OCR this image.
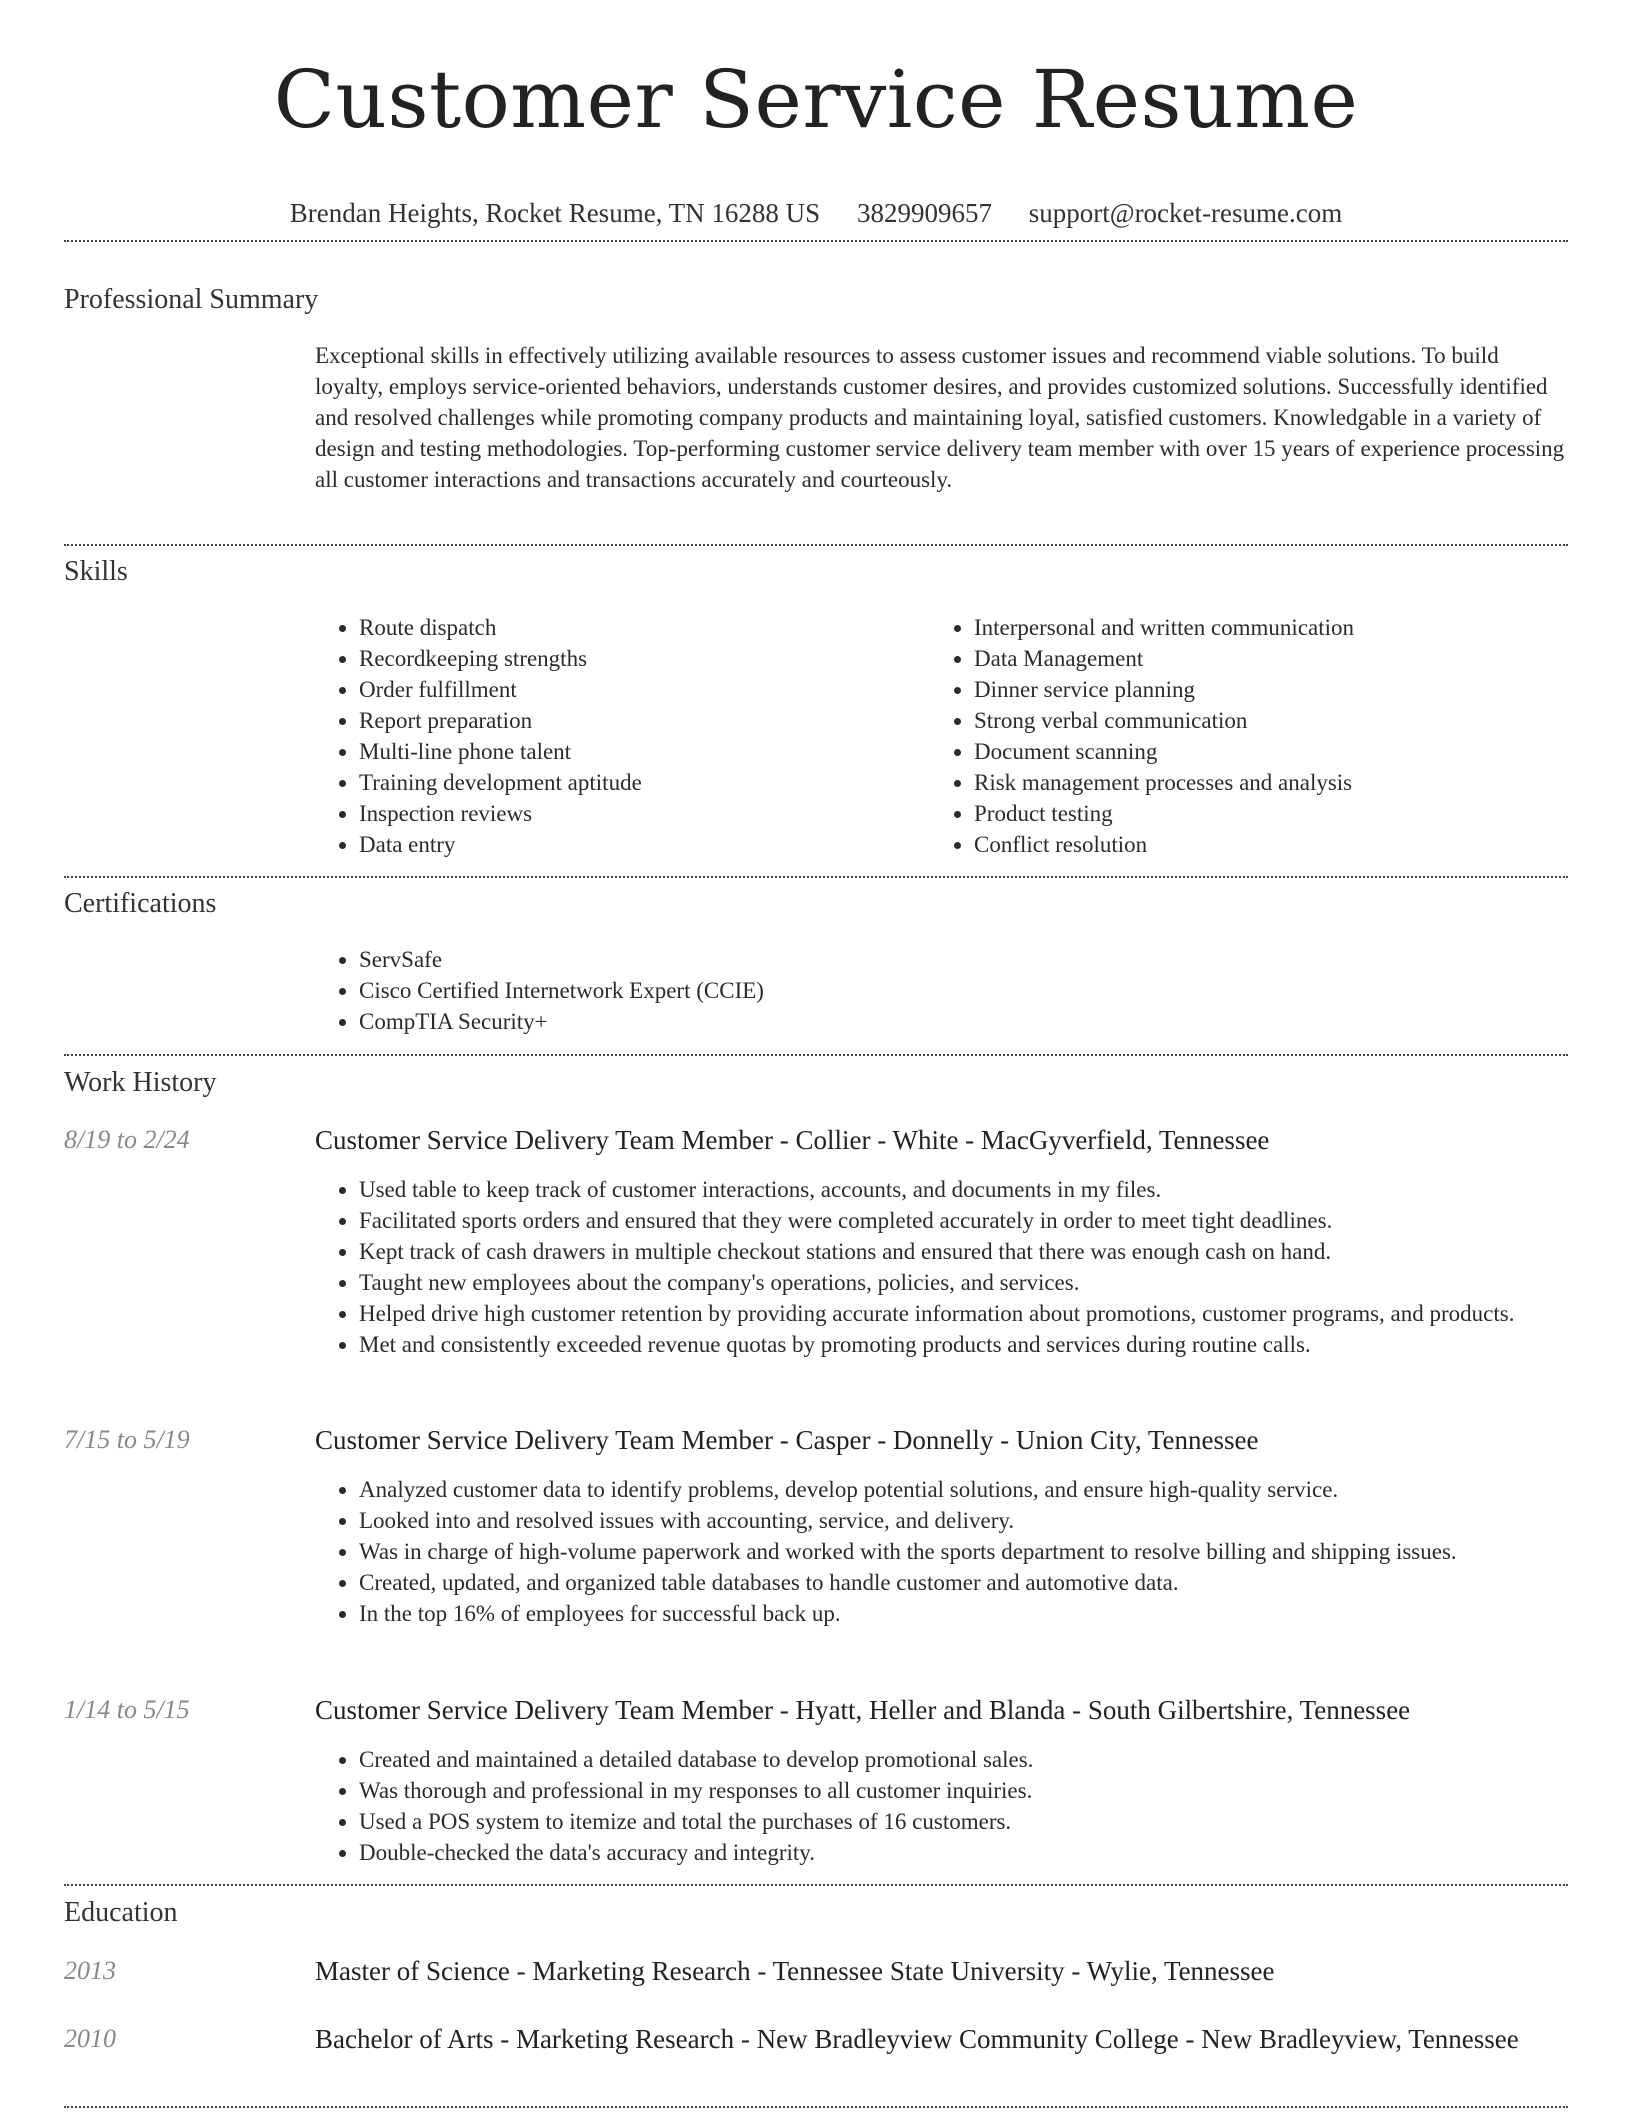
Customer Service Resume
Brendan Heights, Rocket Resume, TN 16288 US 3829909657 support@rocket-resume.com
Professional Summary

Exceptional skills in effectively utilizing available resources to assess customer issues and recommend viable solutions. To build loyalty, employs service-oriented behaviors, understands customer desires, and provides customized solutions. Successfully identified and resolved challenges while promoting company products and maintaining loyal, satisfied customers. Knowledgable in a variety of design and testing methodologies. Top-performing customer service delivery team member with over 15 years of experience processing all customer interactions and transactions accurately and courteously.

Skills
• Route dispatch
• Recordkeeping strengths
• Order fulfillment
• Report preparation
• Multi-line phone talent
• Training development aptitude
• Inspection reviews
• Data entry
• Interpersonal and written communication
• Data Management
• Dinner service planning
• Strong verbal communication
• Document scanning
• Risk management processes and analysis
• Product testing
• Conflict resolution
Certifications
• ServSafe
• Cisco Certified Internetwork Expert (CCIE)
• CompTIA Security+
Work History
8/19 to 2/24	Customer Service Delivery Team Member - Collier - White - MacGyverfield, Tennessee
• Used table to keep track of customer interactions, accounts, and documents in my files.
• Facilitated sports orders and ensured that they were completed accurately in order to meet tight deadlines.
• Kept track of cash drawers in multiple checkout stations and ensured that there was enough cash on hand.
• Taught new employees about the company's operations, policies, and services.
• Helped drive high customer retention by providing accurate information about promotions, customer programs, and products.
• Met and consistently exceeded revenue quotas by promoting products and services during routine calls.
7/15 to 5/19	Customer Service Delivery Team Member - Casper - Donnelly - Union City, Tennessee
• Analyzed customer data to identify problems, develop potential solutions, and ensure high-quality service.
• Looked into and resolved issues with accounting, service, and delivery.
• Was in charge of high-volume paperwork and worked with the sports department to resolve billing and shipping issues.
• Created, updated, and organized table databases to handle customer and automotive data.
• In the top 16% of employees for successful back up.
1/14 to 5/15	Customer Service Delivery Team Member - Hyatt, Heller and Blanda - South Gilbertshire, Tennessee
• Created and maintained a detailed database to develop promotional sales.
• Was thorough and professional in my responses to all customer inquiries.
• Used a POS system to itemize and total the purchases of 16 customers.
• Double-checked the data's accuracy and integrity.
Education
2013	Master of Science - Marketing Research - Tennessee State University - Wylie, Tennessee
2010	Bachelor of Arts - Marketing Research - New Bradleyview Community College - New Bradleyview, Tennessee
